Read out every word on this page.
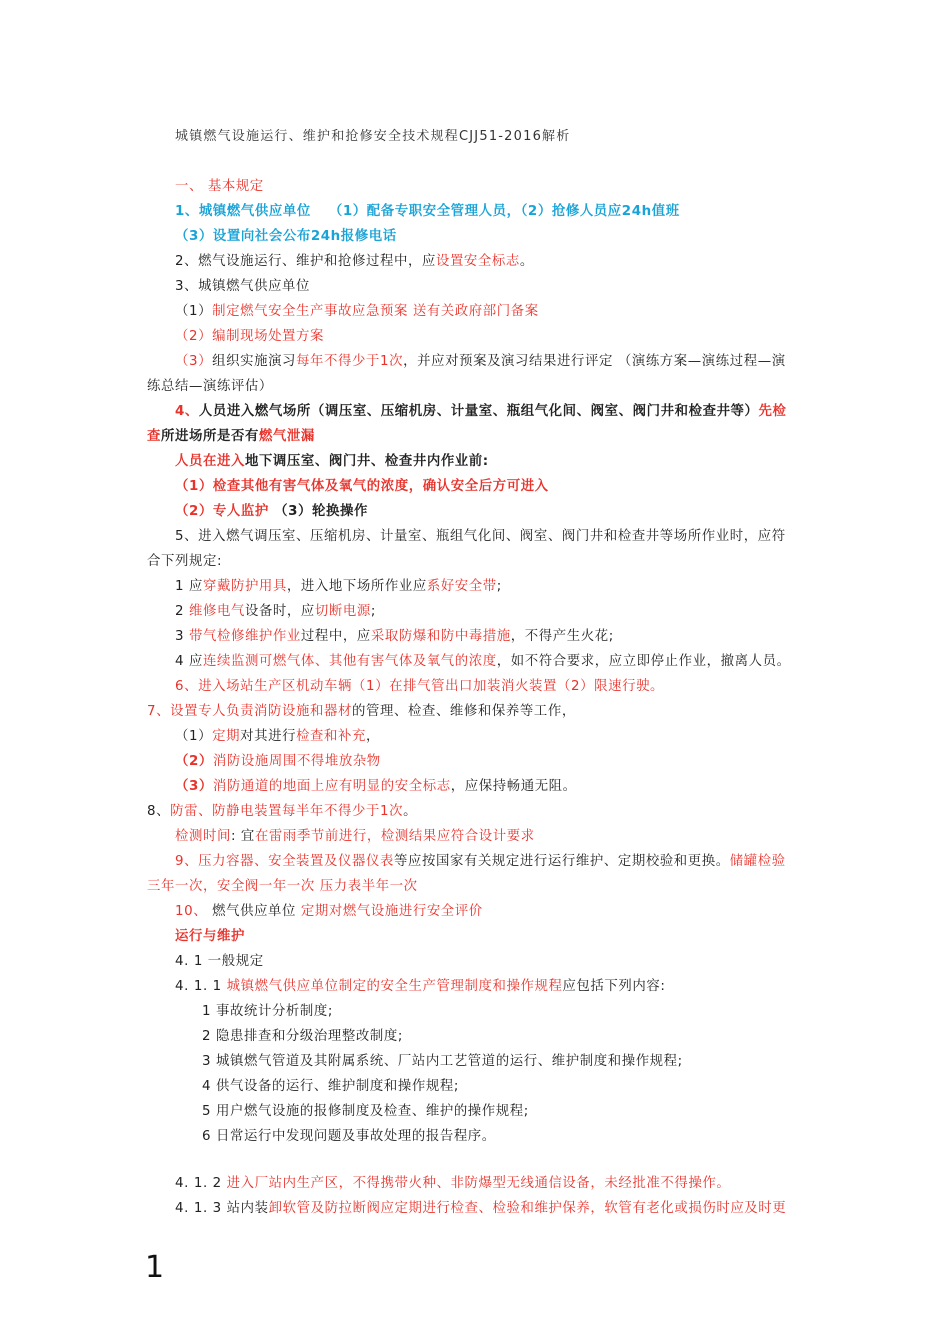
城镇燃气设施运行、维护和抢修安全技术规程CJJ51-2016解析
一、 基本规定
1、城镇燃气供应单位 （1）配备专职安全管理人员，（2）抢修人员应24h值班
（3）设置向社会公布24h报修电话
2、燃气设施运行、维护和抢修过程中，应设置安全标志。
3、城镇燃气供应单位
（1）制定燃气安全生产事故应急预案 送有关政府部门备案
（2）编制现场处置方案
（3）组织实施演习每年不得少于1次，并应对预案及演习结果进行评定 （演练方案—演练过程—演
练总结—演练评估）
4、人员进入燃气场所（调压室、压缩机房、计量室、瓶组气化间、阀室、阀门井和检查井等）先检
查所进场所是否有燃气泄漏
人员在进入地下调压室、阀门井、检查井内作业前:
（1）检查其他有害气体及氧气的浓度，确认安全后方可进入
（2）专人监护 （3）轮换操作
5、进入燃气调压室、压缩机房、计量室、瓶组气化间、阀室、阀门井和检查井等场所作业时，应符
合下列规定:
1 应穿戴防护用具，进入地下场所作业应系好安全带;
2 维修电气设备时，应切断电源;
3 带气检修维护作业过程中，应采取防爆和防中毒措施，不得产生火花;
4 应连续监测可燃气体、其他有害气体及氧气的浓度，如不符合要求，应立即停止作业，撤离人员。
6、进入场站生产区机动车辆（1）在排气管出口加装消火装置（2）限速行驶。
7、设置专人负责消防设施和器材的管理、检查、维修和保养等工作，
（1）定期对其进行检查和补充，
（2）消防设施周围不得堆放杂物
（3）消防通道的地面上应有明显的安全标志，应保持畅通无阻。
8、防雷、防静电装置每半年不得少于1次。
检测时间: 宜在雷雨季节前进行，检测结果应符合设计要求
9、压力容器、安全装置及仪器仪表等应按国家有关规定进行运行维护、定期校验和更换。储罐检验
三年一次，安全阀一年一次 压力表半年一次
10、 燃气供应单位 定期对燃气设施进行安全评价
运行与维护
4. 1 一般规定
4. 1. 1 城镇燃气供应单位制定的安全生产管理制度和操作规程应包括下列内容:
1 事故统计分析制度;
2 隐患排查和分级治理整改制度;
3 城镇燃气管道及其附属系统、厂站内工艺管道的运行、维护制度和操作规程;
4 供气设备的运行、维护制度和操作规程;
5 用户燃气设施的报修制度及检查、维护的操作规程;
6 日常运行中发现问题及事故处理的报告程序。
4. 1. 2 进入厂站内生产区，不得携带火种、非防爆型无线通信设备，未经批准不得操作。
4. 1. 3 站内装卸软管及防拉断阀应定期进行检查、检验和维护保养，软管有老化或损伤时应及时更
1
